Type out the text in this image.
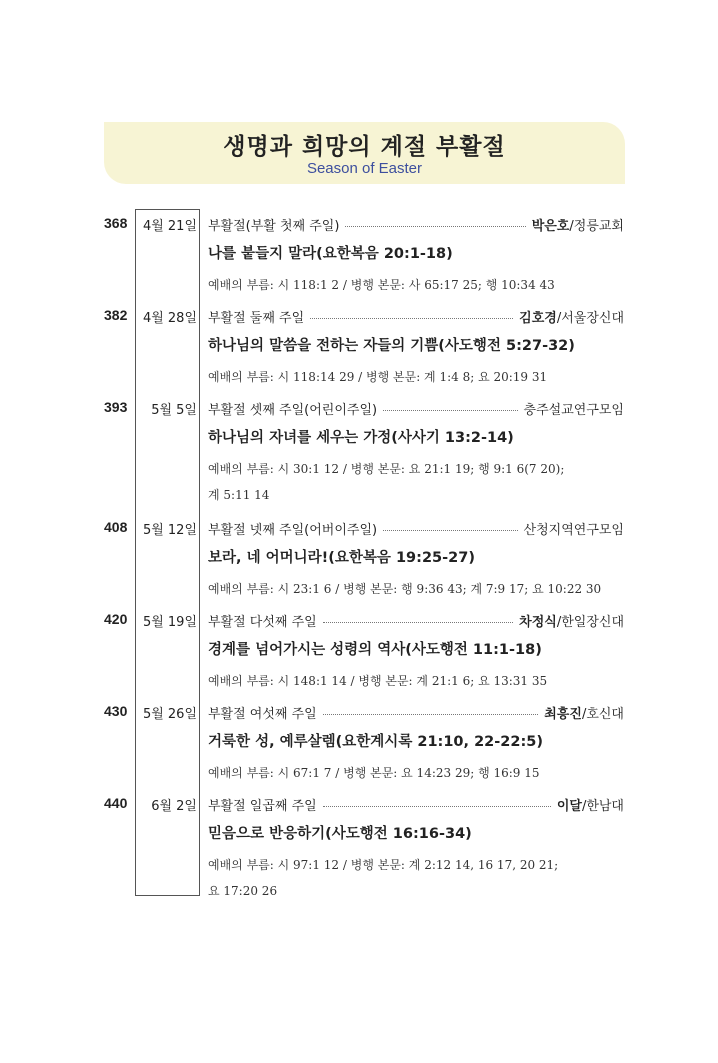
생명과 희망의 계절 부활절
Season of Easter
368	4월 21일 부활절(부활 첫째 주일)	박은호/정릉교회
나를 붙들지 말라(요한복음 20:1-18)
예배의 부름: 시 118:1 2 / 병행 본문: 사 65:17 25; 행 10:34 43
382	4월 28일 부활절 둘째 주일	김호경/서울장신대
하나님의 말씀을 전하는 자들의 기쁨(사도행전 5:27-32)
예배의 부름: 시 118:14 29 / 병행 본문: 계 1:4 8; 요 20:19 31
393	5월 5일 부활절 셋째 주일(어린이주일)	충주설교연구모임
하나님의 자녀를 세우는 가정(사사기 13:2-14)
예배의 부름: 시 30:1 12 / 병행 본문: 요 21:1 19; 행 9:1 6(7 20);
계 5:11 14
408	5월 12일 부활절 넷째 주일(어버이주일)	산청지역연구모임
보라, 네 어머니라!(요한복음 19:25-27)
예배의 부름: 시 23:1 6 / 병행 본문: 행 9:36 43; 계 7:9 17; 요 10:22 30
420	5월 19일 부활절 다섯째 주일	차정식/한일장신대
경계를 넘어가시는 성령의 역사(사도행전 11:1-18)
예배의 부름: 시 148:1 14 / 병행 본문: 계 21:1 6; 요 13:31 35
430	5월 26일 부활절 여섯째 주일	최흥진/호신대
거룩한 성, 예루살렘(요한계시록 21:10, 22-22:5)
예배의 부름: 시 67:1 7 / 병행 본문: 요 14:23 29; 행 16:9 15
440	6월 2일 부활절 일곱째 주일	이달/한남대
믿음으로 반응하기(사도행전 16:16-34)
예배의 부름: 시 97:1 12 / 병행 본문: 계 2:12 14, 16 17, 20 21;
요 17:20 26
